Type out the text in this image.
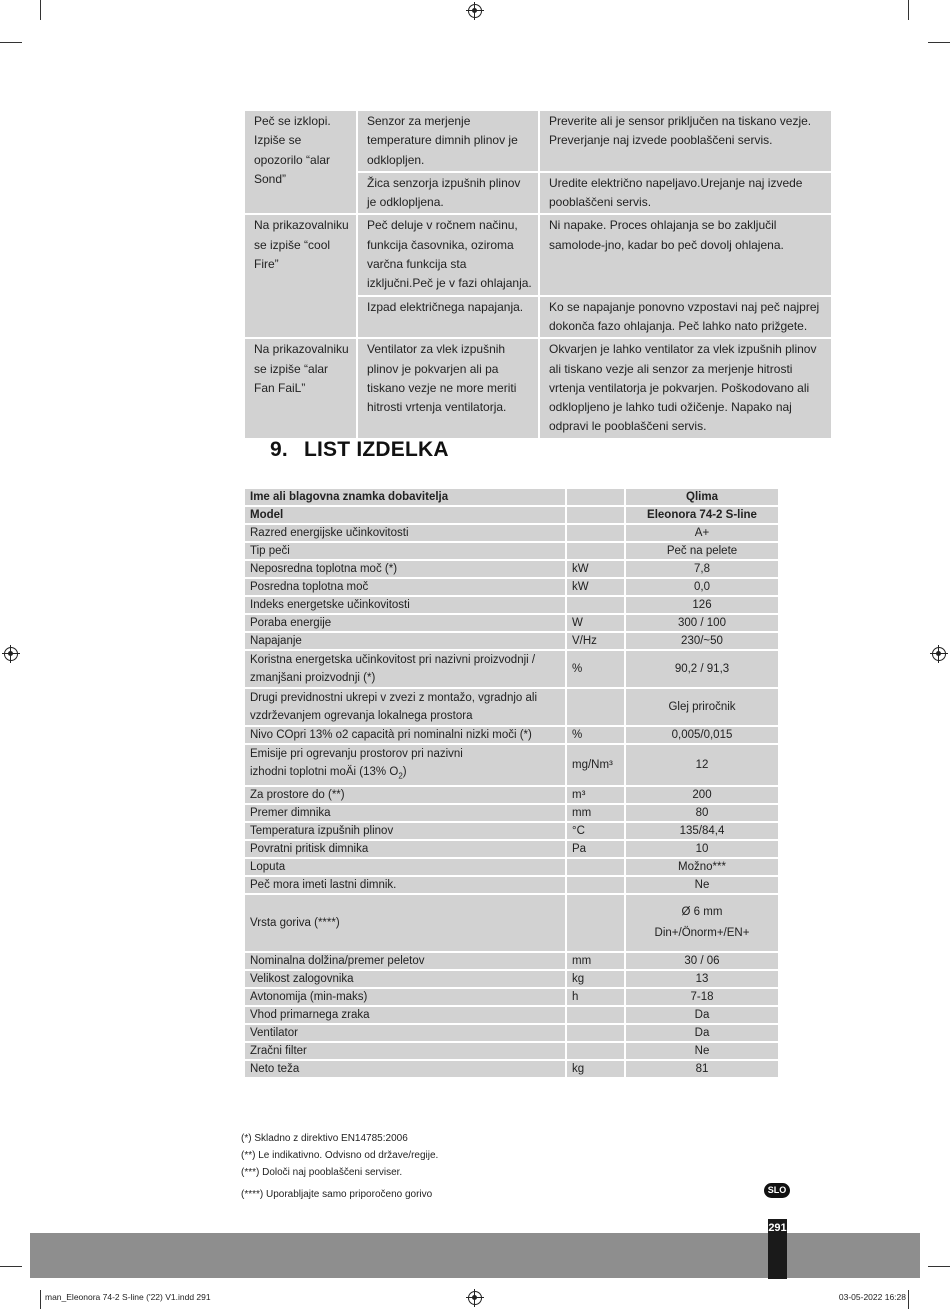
Peč se izklopi. Izpiše se opozorilo “alar Sond”	Senzor za merjenje temperature dimnih plinov je odklopljen.	Preverite ali je sensor priključen na tiskano vezje. Preverjanje naj izvede pooblaščeni servis.
	Žica senzorja izpušnih plinov je odklopljena.	Uredite električno napeljavo.Urejanje naj izvede pooblaščeni servis.
Na prikazovalniku se izpiše “cool Fire”	Peč deluje v ročnem načinu, funkcija časovnika, oziroma varčna funkcija sta izključni.Peč je v fazi ohlajanja.	Ni napake. Proces ohlajanja se bo zaključil samolode-jno, kadar bo peč dovolj ohlajena.
	Izpad električnega napajanja.	Ko se napajanje ponovno vzpostavi naj peč najprej dokonča fazo ohlajanja. Peč lahko nato prižgete.
Na prikazovalniku se izpiše “alar Fan FaiL”	Ventilator za vlek izpušnih plinov je pokvarjen ali pa tiskano vezje ne more meriti hitrosti vrtenja ventilatorja.	Okvarjen je lahko ventilator za vlek izpušnih plinov ali tiskano vezje ali senzor za merjenje hitrosti vrtenja ventilatorja je pokvarjen. Poškodovano ali odklopljeno je lahko tudi ožičenje. Napako naj odpravi le pooblaščeni servis.
9. LIST IZDELKA
Ime ali blagovna znamka dobavitelja		Qlima
Model		Eleonora 74-2 S-line
Razred energijske učinkovitosti		A+
Tip peči		Peč na pelete
Neposredna toplotna moč (*)	kW	7,8
Posredna toplotna moč	kW	0,0
Indeks energetske učinkovitosti		126
Poraba energije	W	300 / 100
Napajanje	V/Hz	230/~50
Koristna energetska učinkovitost pri nazivni proizvodnji / zmanjšani proizvodnji (*)	%	90,2 / 91,3
Drugi previdnostni ukrepi v zvezi z montažo, vgradnjo ali vzdrževanjem ogrevanja lokalnega prostora		Glej priročnik
Nivo COpri 13% o2 capacità pri nominalni nizki moči (*)	%	0,005/0,015
Emisije pri ogrevanju prostorov pri nazivni
izhodni toplotni moÄi (13% $O_2$)	mg/Nm³	12
Za prostore do (**)	m³	200
Premer dimnika	mm	80
Temperatura izpušnih plinov	°C	135/84,4
Povratni pritisk dimnika	Pa	10
Loputa		Možno***
Peč mora imeti lastni dimnik.		Ne
Vrsta goriva (****)		Ø 6 mm
Din+/Önorm+/EN+
Nominalna dolžina/premer peletov	mm	30 / 06
Velikost zalogovnika	kg	13
Avtonomija (min-maks)	h	7-18
Vhod primarnega zraka		Da
Ventilator		Da
Zračni filter		Ne
Neto teža	kg	81
(*) Skladno z direktivo EN14785:2006
(**) Le indikativno. Odvisno od države/regije.
(***) Določi naj pooblaščeni serviser.
(****) Uporabljajte samo priporočeno gorivo	SLO
291
man_Eleonora 74-2 S-line ('22) V1.indd 291	03-05-2022 16:28
